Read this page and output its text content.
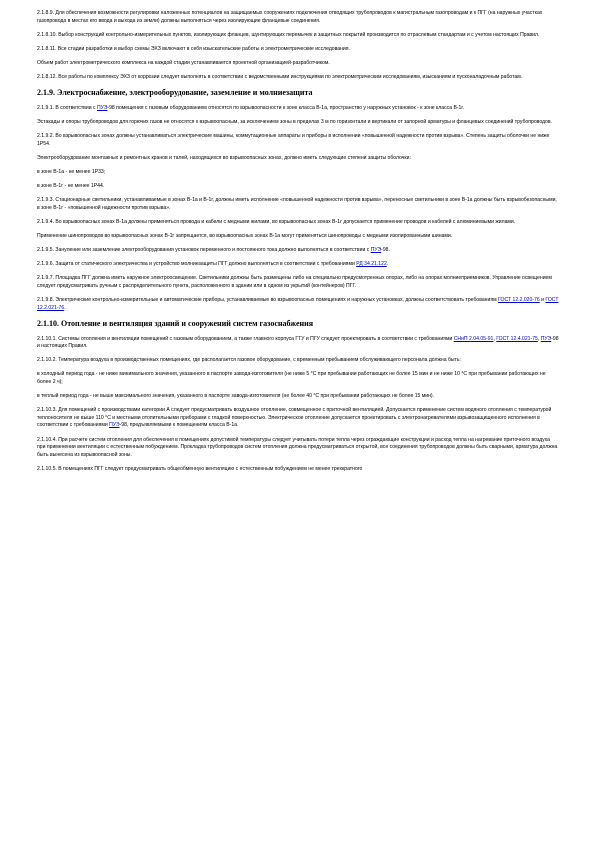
2.1.8.9. Для обеспечения возможности регулировки наложенных потенциалов на защищаемых сооружениях подключения отводящих трубопроводов к магистральным газопроводам и к ПГГ (на наружных участках газопровода в местах его ввода и выхода из земли) должны выполняться через изолирующие фланцевые соединения.

2.1.8.10. Выбор конструкций контрольно-измерительных пунктов, изолирующих фланцев, шунтирующих перемычек и защитных покрытий производится по отраслевым стандартам и с учетом настоящих Правил.

2.1.8.11. Все стадии разработки и выбор схемы ЭХЗ включают в себя изыскательские работы и электрометрические исследования.

Объем работ электрометрического комплекса на каждой стадии устанавливается проектной организацией-разработчиком.

2.1.8.12. Все работы по комплексу ЭХЗ от коррозии следует выполнять в соответствии с ведомственными инструкциями по электрометрическим исследованиям, изысканиям и пусконаладочным работам.

2.1.9. Электроснабжение, электрооборудование, заземление и молниезащита

2.1.9.1. В соответствии с ПУЭ-98 помещения с газовым оборудованием относятся по взрывоопасности к зоне класса В-1а, пространство у наружных установок - к зоне класса В-1г.

Эстакады и опоры трубопроводов для горючих газов не относятся к взрывоопасным, за исключением зоны в пределах 3 м по горизонтали и вертикали от запорной арматуры и фланцевых соединений трубопроводов.

2.1.9.2. Во взрывоопасных зонах должны устанавливаться электрические машины, коммутационные аппараты и приборы в исполнении «повышенной надежности против взрыва». Степень защиты оболочки не ниже 1Р54.

Электрооборудование монтажных и ремонтных кранов и талей, находящихся во взрывоопасных зонах, должно иметь следующие степени защиты оболочки:

в зоне В-1а - не менее 1Р33;

в зоне В-1г - не менее 1Р44.

2.1.9.3. Стационарные светильники, устанавливаемые в зонах В-1а и В-1г, должны иметь исполнение «повышенной надежности против взрыва», переносные светильники в зоне В-1а должны быть взрывобезопасными, в зоне В-1г - «повышенной надежности против взрыва».

2.1.9.4. Во взрывоопасных зонах В-1а должны применяться провода и кабели с медными жилами, во взрывоопасных зонах В-1г допускается применение проводов и кабелей с алюминиевыми жилами.

Применение шинопроводов во взрывоопасных зонах В-1г запрещается, во взрывоопасных зонах В-1а могут применяться шинопроводы с медными изолированными шинами.

2.1.9.5. Зануление или заземление электрооборудования установок переменного и постоянного тока должно выполняться в соответствии с ПУЭ-98.

2.1.9.6. Защита от статического электричества и устройство молниезащиты ПГГ должно выполняться в соответствии с требованиями РД 34.21.122.

2.1.9.7. Площадка ПГГ должна иметь наружное электроосвещение. Светильники должны быть размещены либо на специально предусмотренных опорах, либо на опорах молниеприемников. Управление освещением следует предусматривать ручным с распределительного пункта, расположенного в здании или в одном из укрытий (контейнеров) ПГГ.

2.1.9.8. Электрические контрольно-измерительные и автоматические приборы, устанавливаемые во взрывоопасных помещениях и наружных установках, должны соответствовать требованиям ГОСТ 12.2.020-76 и ГОСТ 12.2.021-76.

2.1.10. Отопление и вентиляция зданий и сооружений систем газоснабжения

2.1.10.1. Системы отопления и вентиляции помещений с газовым оборудованием, а также главного корпуса ГТУ и ПГУ следует проектировать в соответствии с требованиями СНиП 2.04.05-91, ГОСТ 12.4.021-75, ПУЭ-98 и настоящих Правил.

2.1.10.2. Температура воздуха в производственных помещениях, где располагается газовое оборудование, с временным пребыванием обслуживающего персонала должна быть:

в холодный период года - не ниже минимального значения, указанного в паспорте завода-изготовителя (не ниже 5 °С при пребывании работающих не более 15 мин и не ниже 10 °С при пребывании работающих не более 2 ч);

в теплый период года - не выше максимального значения, указанного в паспорте завода-изготовителя (не более 40 °С при пребывании работающих не более 15 мин).

2.1.10.3. Для помещений с производствами категории А следует предусматривать воздушное отопление, совмещенное с приточной вентиляцией. Допускается применение систем водяного отопления с температурой теплоносителя не выше 110 °С и местными отопительными приборами с гладкой поверхностью. Электрическое отопление допускается проектировать с электронагревателями взрывозащищенного исполнения в соответствии с требованиями ПУЭ-98, предъявляемыми к помещениям класса В-1а.

2.1.10.4. При расчете систем отопления для обеспечения в помещениях допустимой температуры следует учитывать потери тепла через ограждающие конструкции и расход тепла на нагревание приточного воздуха при применении вентиляции с естественным побуждением. Прокладка трубопроводов систем отопления должна предусматриваться открытой, все соединения трубопроводов должны быть сварными, арматура должна быть вынесена из взрывоопасной зоны.

2.1.10.5. В помещениях ПГГ следует предусматривать общеобменную вентиляцию с естественным побуждением не менее трехкратного
